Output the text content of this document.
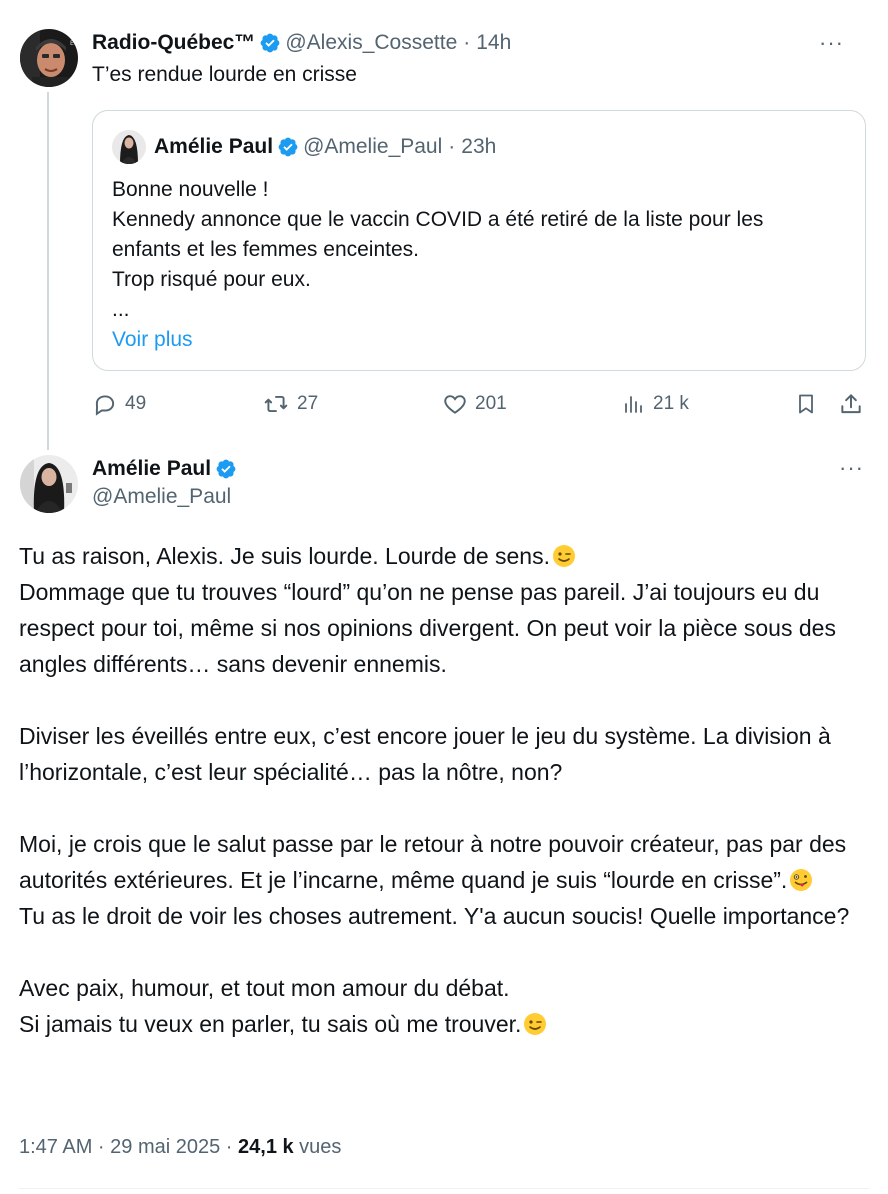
E: Radio-Québec™ @Alexis_Cossette · 14h	···
T’es rendue lourde en crisse
Amélie Paul @Amelie_Paul · 23h
Bonne nouvelle !
Kennedy annonce que le vaccin COVID a été retiré de la liste pour les
enfants et les femmes enceintes.
Trop risqué pour eux.
...
Voir plus
49	27	201	21 k
Amélie Paul
@Amelie_Paul
···

Tu as raison, Alexis. Je suis lourde. Lourde de sens.

Dommage que tu trouves “lourd” qu’on ne pense pas pareil. J’ai toujours eu du respect pour toi, même si nos opinions divergent. On peut voir la pièce sous des angles différents… sans devenir ennemis.

Diviser les éveillés entre eux, c’est encore jouer le jeu du système. La division à l’horizontale, c’est leur spécialité… pas la nôtre, non?

Moi, je crois que le salut passe par le retour à notre pouvoir créateur, pas par des autorités extérieures. Et je l’incarne, même quand je suis “lourde en crisse”.

Tu as le droit de voir les choses autrement. Y'a aucun soucis! Quelle importance?

Avec paix, humour, et tout mon amour du débat.

Si jamais tu veux en parler, tu sais où me trouver.

1:47 AM · 29 mai 2025 · 24,1 k vues
